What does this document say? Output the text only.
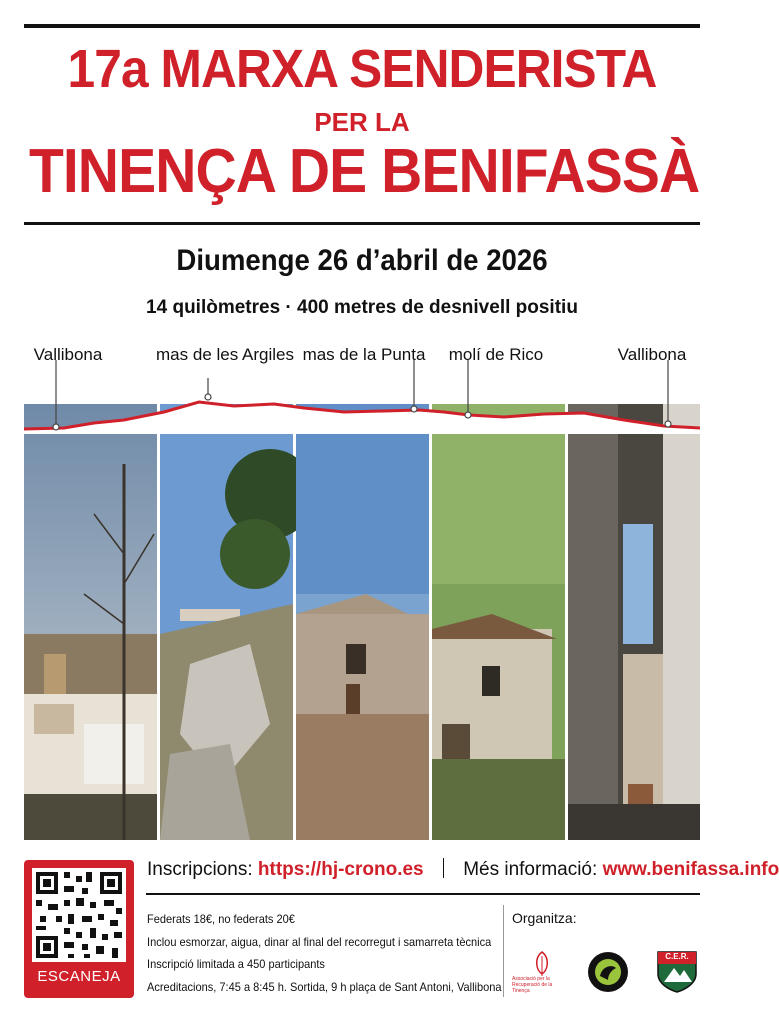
17a MARXA SENDERISTA
PER LA
TINENÇA DE BENIFASSÀ
Diumenge 26 d’abril de 2026
14 quilòmetres · 400 metres de desnivell positiu
Vallibona	mas de les Argiles mas de la Punta molí de Rico	Vallibona
ESCANEJA
Inscripcions: https://hj-crono.es Més informació: www.benifassa.info
Federats 18€, no federats 20€
Inclou esmorzar, aigua, dinar al final del recorregut i samarreta tècnica
Inscripció limitada a 450 participants
Acreditacions, 7:45 a 8:45 h. Sortida, 9 h plaça de Sant Antoni, Vallibona
Organitza:
Associació per la Recuperació de la Tinença
C.E.R.
